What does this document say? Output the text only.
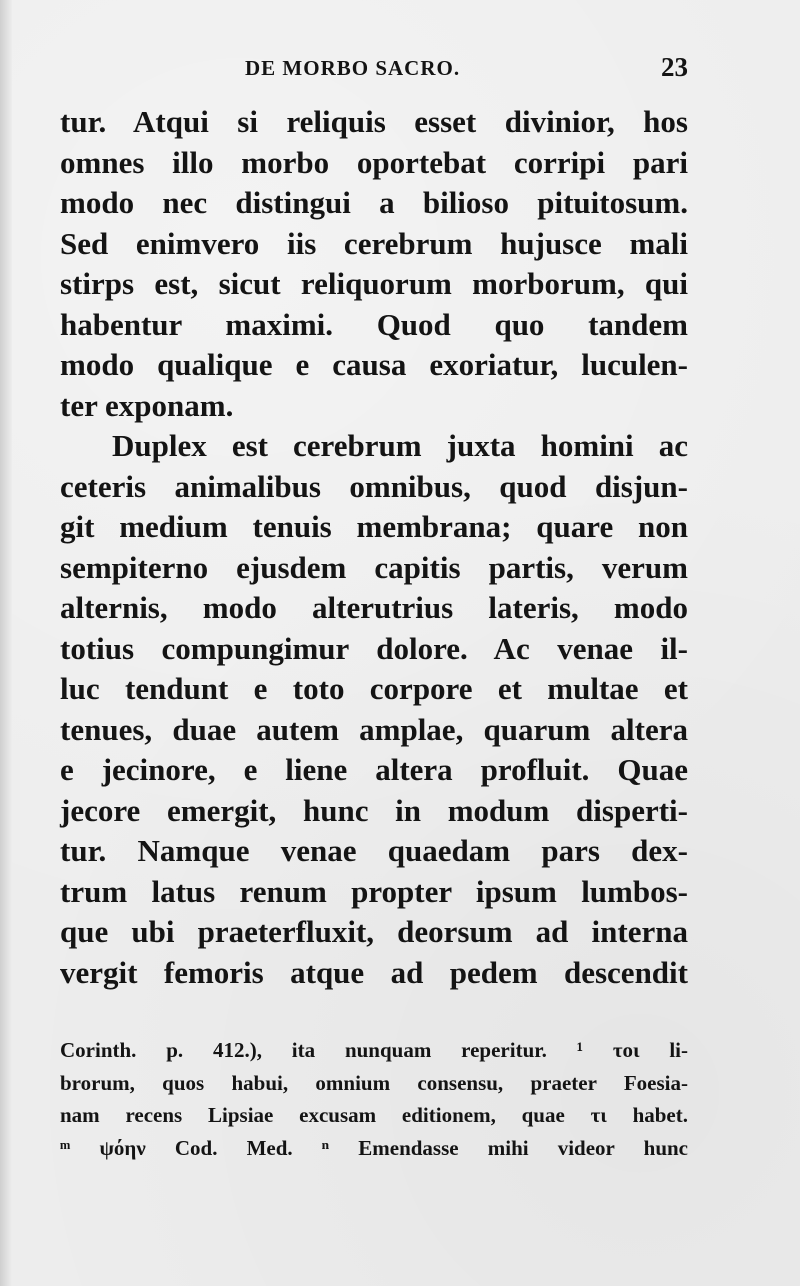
DE MORBO SACRO.	23
tur. Atqui si reliquis esset divinior, hos
omnes illo morbo oportebat corripi pari
modo nec distingui a bilioso pituitosum.
Sed enimvero iis cerebrum hujusce mali
stirps est, sicut reliquorum morborum, qui
habentur maximi. Quod quo tandem
modo qualique e causa exoriatur, luculen-
ter exponam.
Duplex est cerebrum juxta homini ac
ceteris animalibus omnibus, quod disjun-
git medium tenuis membrana; quare non
sempiterno ejusdem capitis partis, verum
alternis, modo alterutrius lateris, modo
totius compungimur dolore. Ac venae il-
luc tendunt e toto corpore et multae et
tenues, duae autem amplae, quarum altera
e jecinore, e liene altera profluit. Quae
jecore emergit, hunc in modum disperti-
tur. Namque venae quaedam pars dex-
trum latus renum propter ipsum lumbos-
que ubi praeterfluxit, deorsum ad interna
vergit femoris atque ad pedem descendit
Corinth. p. 412.), ita nunquam reperitur. ¹ τοι li-
brorum, quos habui, omnium consensu, praeter Foesia-
nam recens Lipsiae excusam editionem, quae τι habet.
ᵐ ψόην Cod. Med. ⁿ Emendasse mihi videor hunc
